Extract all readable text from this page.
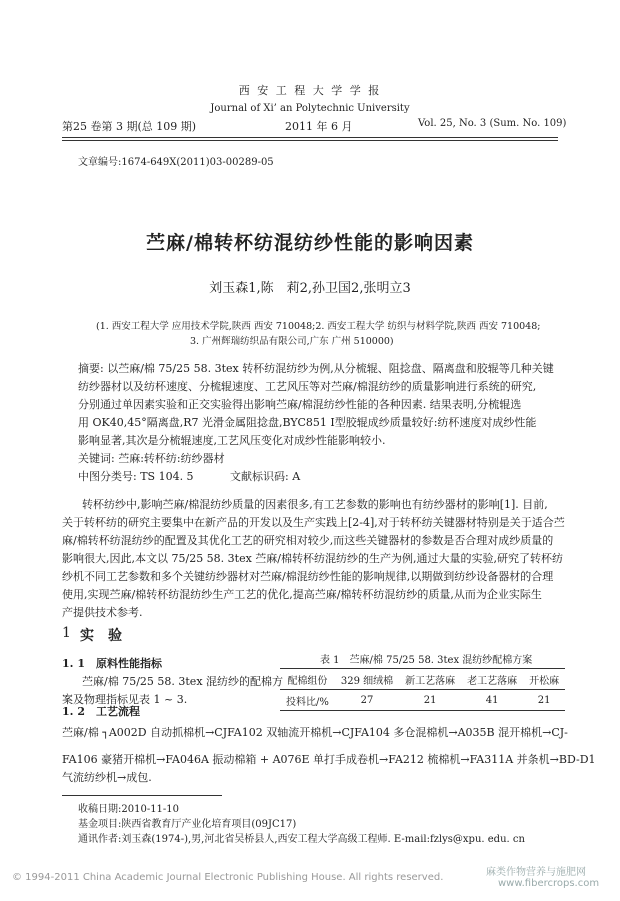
西 安 工 程 大 学 学 报
Journal of Xi’ an Polytechnic University
第25 卷第 3 期(总 109 期)	2011 年 6 月	Vol. 25, No. 3 (Sum. No. 109)
文章编号:1674-649X(2011)03-00289-05
苎麻/棉转杯纺混纺纱性能的影响因素
刘玉森1,陈　莉2,孙卫国2,张明立3
(1. 西安工程大学 应用技术学院,陕西 西安 710048;2. 西安工程大学 纺织与材料学院,陕西 西安 710048;
3. 广州辉瑞纺织品有限公司,广东 广州 510000)
摘要: 以苎麻/棉 75/25 58. 3tex 转杯纺混纺纱为例,从分梳辊、阻捻盘、隔离盘和胶辊等几种关键
纺纱器材以及纺杯速度、分梳辊速度、工艺风压等对苎麻/棉混纺纱的质量影响进行系统的研究,
分别通过单因素实验和正交实验得出影响苎麻/棉混纺纱性能的各种因素. 结果表明,分梳辊选
用 OK40,45°隔离盘,R7 光滑金属阻捻盘,BYC851 Ⅰ型胶辊成纱质量较好:纺杯速度对成纱性能
影响显著,其次是分梳辊速度,工艺风压变化对成纱性能影响较小.
关键词: 苎麻:转杯纺:纺纱器材
中图分类号: TS 104. 5	文献标识码: A
转杯纺纱中,影响苎麻/棉混纺纱质量的因素很多,有工艺参数的影响也有纺纱器材的影响[1]. 目前,
关于转杯纺的研究主要集中在新产品的开发以及生产实践上[2-4],对于转杯纺关键器材特别是关于适合苎
麻/棉转杯纺混纺纱的配置及其优化工艺的研究相对较少,而这些关键器材的参数是否合理对成纱质量的
影响很大,因此,本文以 75/25 58. 3tex 苎麻/棉转杯纺混纺纱的生产为例,通过大量的实验,研究了转杯纺
纱机不同工艺参数和多个关键纺纱器材对苎麻/棉混纺纱性能的影响规律,以期做到纺纱设备器材的合理
使用,实现苎麻/棉转杯纺混纺纱生产工艺的优化,提高苎麻/棉转杯纺混纺纱的质量,从而为企业实际生
产提供技术参考.
1 实　验
1. 1　原料性能指标
苎麻/棉 75/25 58. 3tex 混纺纱的配棉方
案及物理指标见表 1 ~ 3.
表 1　苎麻/棉 75/25 58. 3tex 混纺纱配棉方案
配棉组份	329 细绒棉	新工艺落麻	老工艺落麻	开松麻
投料比/%	27	21	41	21
1. 2　工艺流程
苎麻/棉 ┐A002D 自动抓棉机→CJFA102 双轴流开棉机→CJFA104 多仓混棉机→A035B 混开棉机→CJ-
FA106 豪猪开棉机→FA046A 振动棉箱 + A076E 单打手成卷机→FA212 梳棉机→FA311A 并条机→BD-D1
气流纺纱机→成包.
收稿日期:2010-11-10
基金项目:陕西省教育厅产业化培育项目(09JC17)
通讯作者:刘玉森(1974-),男,河北省吴桥县人,西安工程大学高级工程师. E-mail:fzlys@xpu. edu. cn
© 1994-2011 China Academic Journal Electronic Publishing House. All rights reserved.	麻类作物营养与施肥网
www.fibercrops.com
